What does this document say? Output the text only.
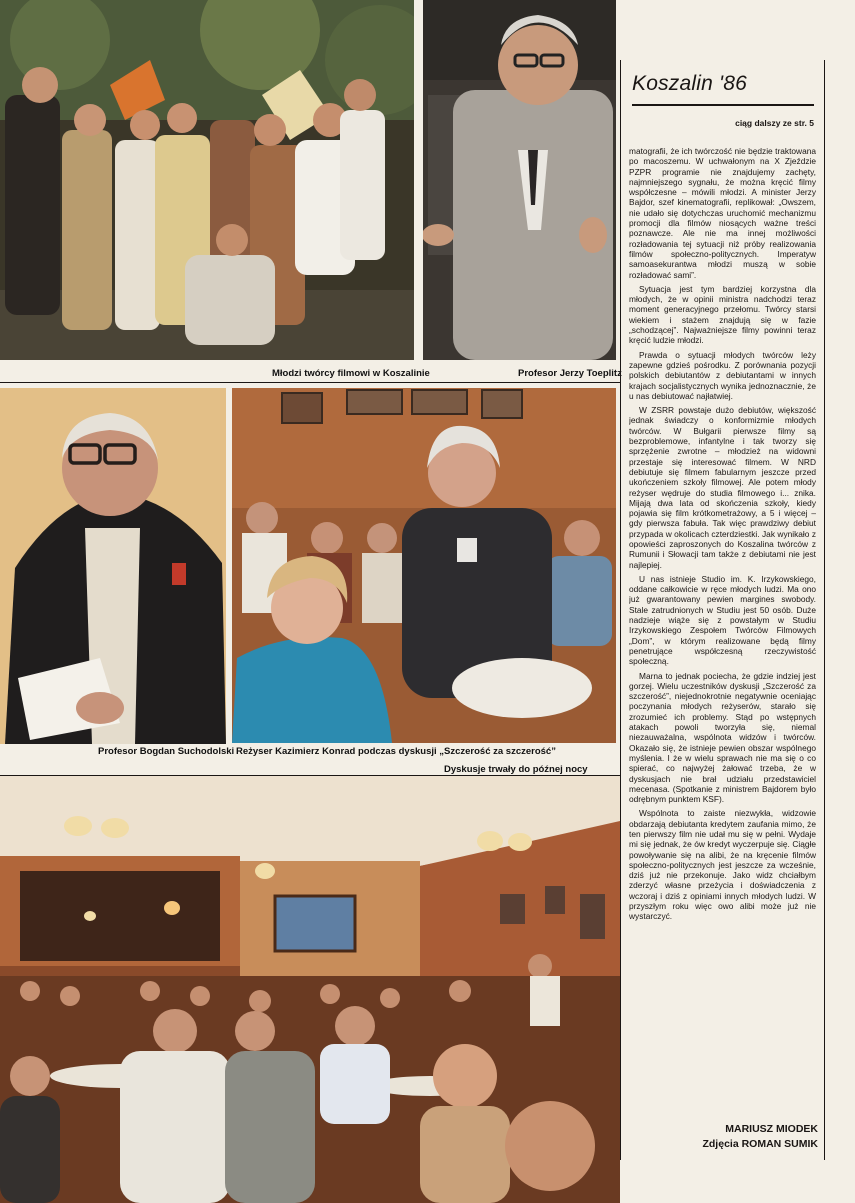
Młodzi twórcy filmowi w Koszalinie	Profesor Jerzy Toeplitz
Profesor Bogdan Suchodolski Reżyser Kazimierz Konrad podczas dyskusji „Szczerość za szczerość”
Dyskusje trwały do późnej nocy
Koszalin '86
ciąg dalszy ze str. 5

matografii, że ich twórczość nie będzie traktowana po macoszemu. W uchwałonym na X Zjeździe PZPR programie nie znajdujemy zachęty, najmniejszego sygnału, że można kręcić filmy współczesne – mówili młodzi. A minister Jerzy Bajdor, szef kinematografii, replikował: „Owszem, nie udało się dotychczas uruchomić mechanizmu promocji dla filmów niosących ważne treści poznawcze. Ale nie ma innej możliwości rozładowania tej sytuacji niż próby realizowania filmów społeczno-politycznych. Imperatyw samoasekurantwa młodzi muszą w sobie rozładować sami”.

Sytuacja jest tym bardziej korzystna dla młodych, że w opinii ministra nadchodzi teraz moment generacyjnego przełomu. Twórcy starsi wiekiem i stażem znajdują się w fazie „schodzącej”. Najważniejsze filmy powinni teraz kręcić ludzie młodzi.

Prawda o sytuacji młodych twórców leży zapewne gdzieś pośrodku. Z porównania pozycji polskich debiutantów z debiutantami w innych krajach socjalistycznych wynika jednoznacznie, że u nas debiutować najłatwiej.

W ZSRR powstaje dużo debiutów, większość jednak świadczy o konformizmie młodych twórców. W Bułgarii pierwsze filmy są bezproblemowe, infantylne i tak tworzy się sprzężenie zwrotne – młodzież na widowni przestaje się interesować filmem. W NRD debiutuje się filmem fabularnym jeszcze przed ukończeniem szkoły filmowej. Ale potem młody reżyser wędruje do studia filmowego i... znika. Mijają dwa lata od skończenia szkoły, kiedy pojawia się film krótkometrażowy, a 5 i więcej – gdy pierwsza fabuła. Tak więc prawdziwy debiut przypada w okolicach czterdziestki. Jak wynikało z opowieści zaproszonych do Koszalina twórców z Rumunii i Słowacji tam także z debiutami nie jest najlepiej.

U nas istnieje Studio im. K. Irzykowskiego, oddane całkowicie w ręce młodych ludzi. Ma ono już gwarantowany pewien margines swobody. Stale zatrudnionych w Studiu jest 50 osób. Duże nadzieje wiąże się z powstałym w Studiu Irzykowskiego Zespołem Twórców Filmowych „Dom”, w którym realizowane będą filmy penetrujące współczesną rzeczywistość społeczną.

Marna to jednak pociecha, że gdzie indziej jest gorzej. Wielu uczestników dyskusji „Szczerość za szczerość”, niejednokrotnie negatywnie oceniając poczynania młodych reżyserów, starało się zrozumieć ich problemy. Stąd po wstępnych atakach powoli tworzyła się, niemal niezauważalna, wspólnota widzów i twórców. Okazało się, że istnieje pewien obszar wspólnego myślenia. I że w wielu sprawach nie ma się o co spierać, co najwyżej żałować trzeba, że w dyskusjach nie brał udziału przedstawiciel mecenasa. (Spotkanie z ministrem Bajdorem było odrębnym punktem KSF).

Wspólnota to zaiste niezwykła, widzowie obdarzają debiutanta kredytem zaufania mimo, że ten pierwszy film nie udał mu się w pełni. Wydaje mi się jednak, że ów kredyt wyczerpuje się. Ciągłe powoływanie się na alibi, że na kręcenie filmów społeczno-politycznych jest jeszcze za wcześnie, dziś już nie przekonuje. Jako widz chciałbym zderzyć własne przeżycia i doświadczenia z wczoraj i dziś z opiniami innych młodych ludzi. W przyszłym roku więc owo alibi może już nie wystarczyć.

MARIUSZ MIODEK
Zdjęcia ROMAN SUMIK
